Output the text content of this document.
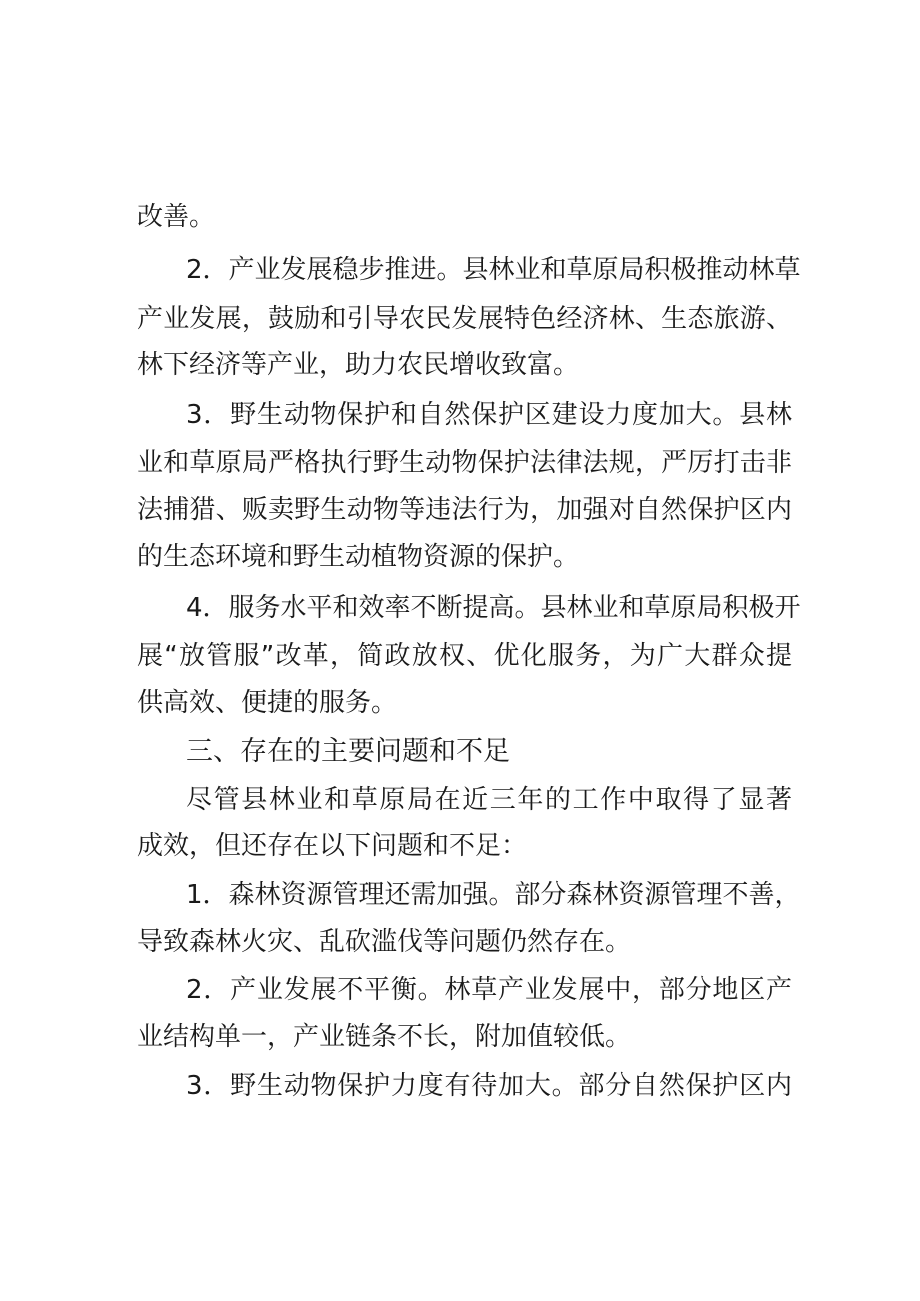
改善。
2．产业发展稳步推进。县林业和草原局积极推动林草
产业发展，鼓励和引导农民发展特色经济林、生态旅游、
林下经济等产业，助力农民增收致富。
3．野生动物保护和自然保护区建设力度加大。县林
业和草原局严格执行野生动物保护法律法规，严厉打击非
法捕猎、贩卖野生动物等违法行为，加强对自然保护区内
的生态环境和野生动植物资源的保护。
4．服务水平和效率不断提高。县林业和草原局积极开
展“放管服”改革，简政放权、优化服务，为广大群众提
供高效、便捷的服务。
三、存在的主要问题和不足
尽管县林业和草原局在近三年的工作中取得了显著
成效，但还存在以下问题和不足：
1．森林资源管理还需加强。部分森林资源管理不善，
导致森林火灾、乱砍滥伐等问题仍然存在。
2．产业发展不平衡。林草产业发展中，部分地区产
业结构单一，产业链条不长，附加值较低。
3．野生动物保护力度有待加大。部分自然保护区内
